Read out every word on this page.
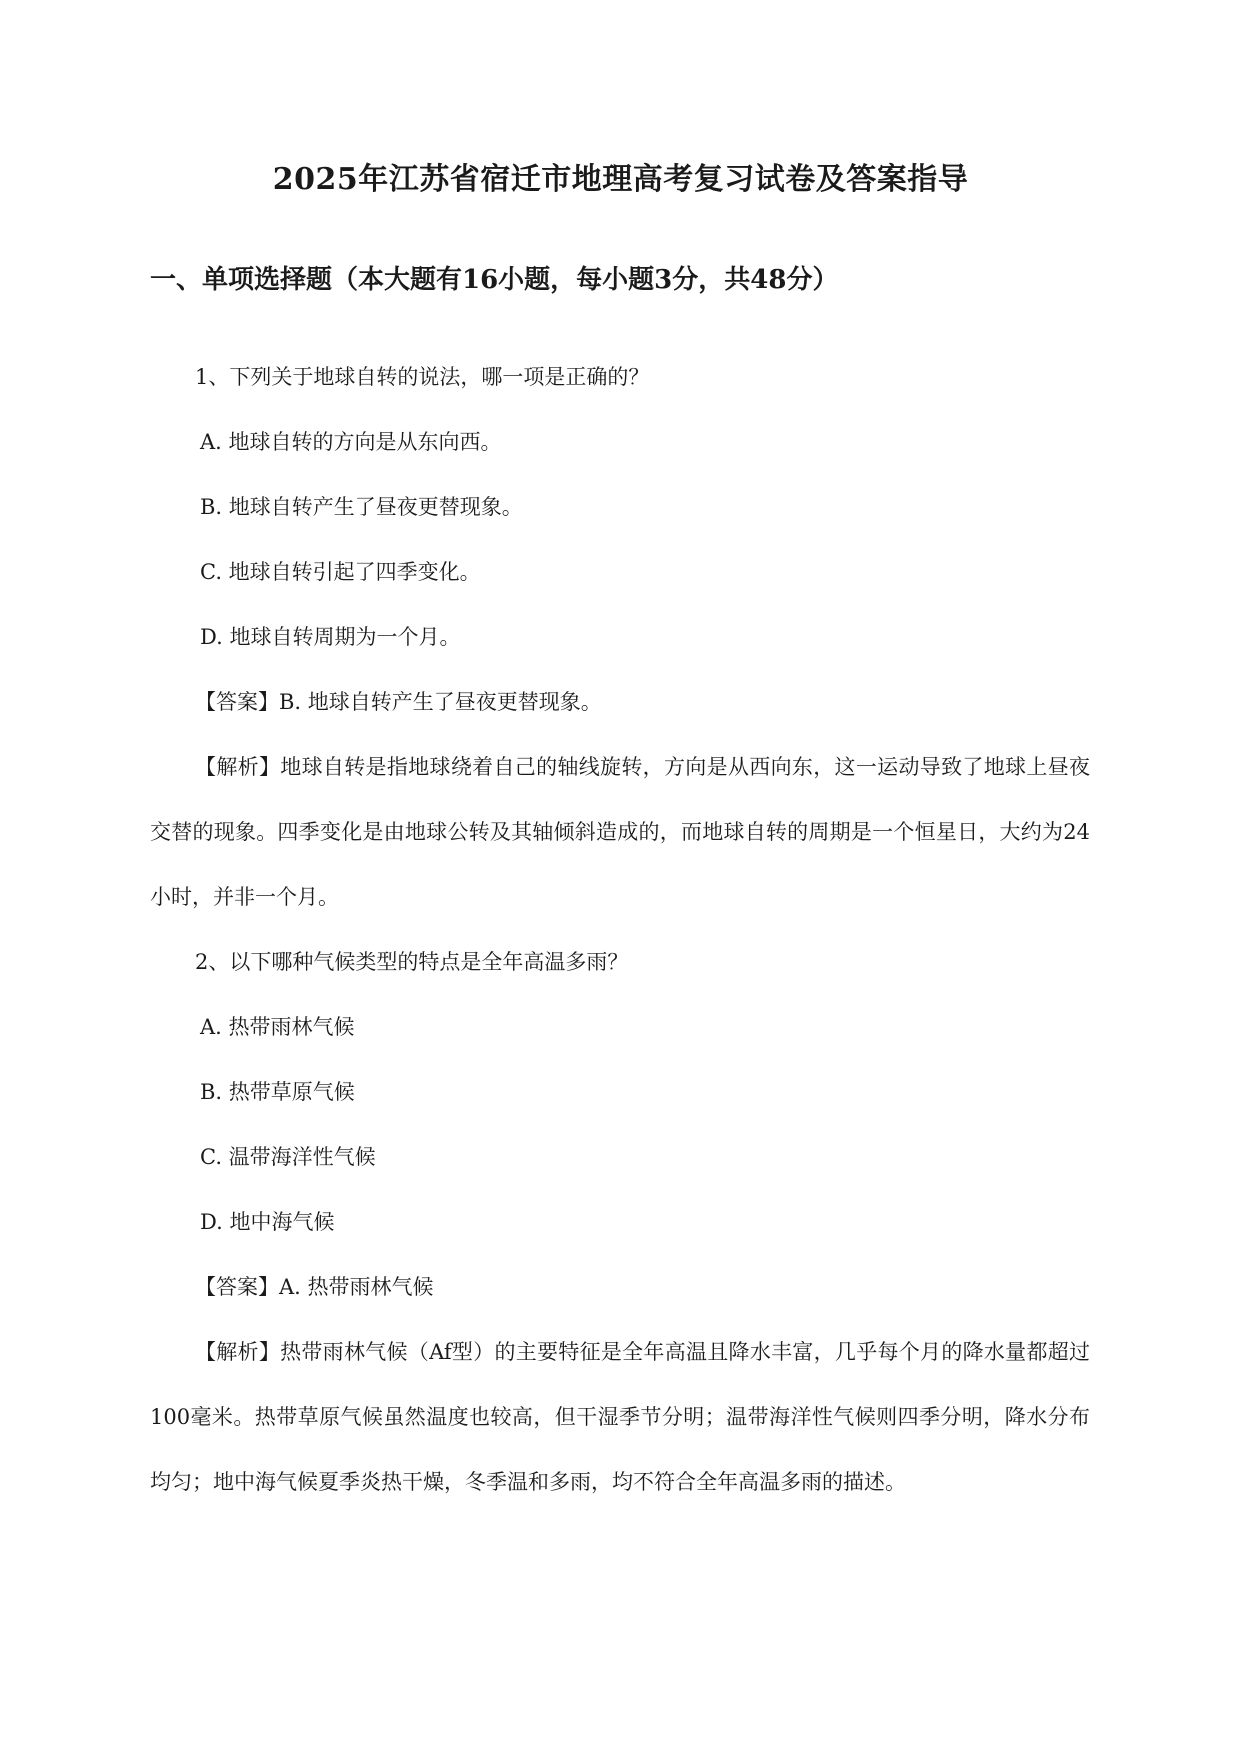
2025年江苏省宿迁市地理高考复习试卷及答案指导
一、单项选择题（本大题有16小题，每小题3分，共48分）
1、下列关于地球自转的说法，哪一项是正确的？
A. 地球自转的方向是从东向西。
B. 地球自转产生了昼夜更替现象。
C. 地球自转引起了四季变化。
D. 地球自转周期为一个月。
【答案】B. 地球自转产生了昼夜更替现象。

【解析】地球自转是指地球绕着自己的轴线旋转，方向是从西向东，这一运动导致了地球上昼夜交替的现象。四季变化是由地球公转及其轴倾斜造成的，而地球自转的周期是一个恒星日，大约为24小时，并非一个月。

2、以下哪种气候类型的特点是全年高温多雨？
A. 热带雨林气候
B. 热带草原气候
C. 温带海洋性气候
D. 地中海气候
【答案】A. 热带雨林气候

【解析】热带雨林气候（Af型）的主要特征是全年高温且降水丰富，几乎每个月的降水量都超过100毫米。热带草原气候虽然温度也较高，但干湿季节分明；温带海洋性气候则四季分明，降水分布均匀；地中海气候夏季炎热干燥，冬季温和多雨，均不符合全年高温多雨的描述。
